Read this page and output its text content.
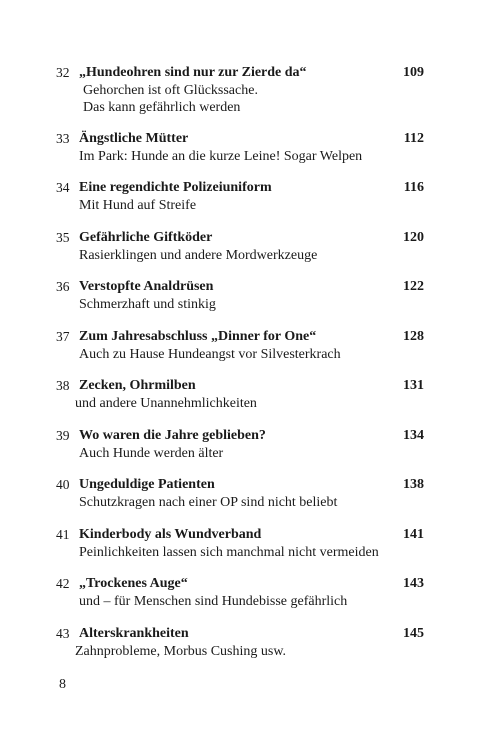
32 „Hundeohren sind nur zur Zierde da“	109
Gehorchen ist oft Glückssache.
Das kann gefährlich werden
33 Ängstliche Mütter	112
Im Park: Hunde an die kurze Leine! Sogar Welpen
34 Eine regendichte Polizeiuniform	116
Mit Hund auf Streife
35 Gefährliche Giftköder	120
Rasierklingen und andere Mordwerkzeuge
36 Verstopfte Analdrüsen	122
Schmerzhaft und stinkig
37 Zum Jahresabschluss „Dinner for One“	128
Auch zu Hause Hundeangst vor Silvesterkrach
38 Zecken, Ohrmilben	131
und andere Unannehmlichkeiten
39 Wo waren die Jahre geblieben?	134
Auch Hunde werden älter
40 Ungeduldige Patienten	138
Schutzkragen nach einer OP sind nicht beliebt
41 Kinderbody als Wundverband	141
Peinlichkeiten lassen sich manchmal nicht vermeiden
42 „Trockenes Auge“	143
und – für Menschen sind Hundebisse gefährlich
43 Alterskrankheiten	145
Zahnprobleme, Morbus Cushing usw.
8
